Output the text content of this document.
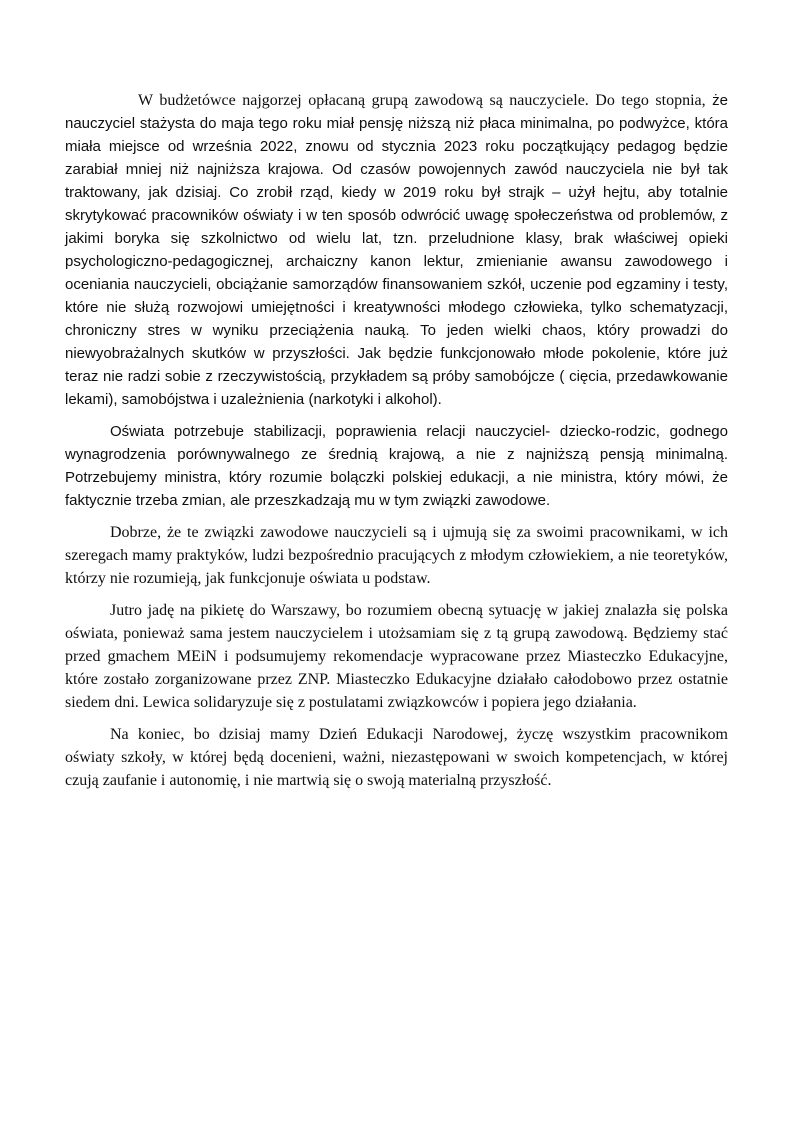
W budżetówce najgorzej opłacaną grupą zawodową są nauczyciele. Do tego stopnia, że nauczyciel stażysta do maja tego roku miał pensję niższą niż płaca minimalna, po podwyżce, która miała miejsce od września 2022, znowu od stycznia 2023 roku początkujący pedagog będzie zarabiał mniej niż najniższa krajowa. Od czasów powojennych zawód nauczyciela nie był tak traktowany, jak dzisiaj. Co zrobił rząd, kiedy w 2019 roku był strajk – użył hejtu, aby totalnie skrytykować pracowników oświaty i w ten sposób odwrócić uwagę społeczeństwa od problemów, z jakimi boryka się szkolnictwo od wielu lat, tzn. przeludnione klasy, brak właściwej opieki psychologiczno-pedagogicznej, archaiczny kanon lektur, zmienianie awansu zawodowego i oceniania nauczycieli, obciążanie samorządów finansowaniem szkół, uczenie pod egzaminy i testy, które nie służą rozwojowi umiejętności i kreatywności młodego człowieka, tylko schematyzacji, chroniczny stres w wyniku przeciążenia nauką. To jeden wielki chaos, który prowadzi do niewyobrażalnych skutków w przyszłości. Jak będzie funkcjonowało młode pokolenie, które już teraz nie radzi sobie z rzeczywistością, przykładem są próby samobójcze ( cięcia, przedawkowanie lekami), samobójstwa i uzależnienia (narkotyki i alkohol).

Oświata potrzebuje stabilizacji, poprawienia relacji nauczyciel- dziecko-rodzic, godnego wynagrodzenia porównywalnego ze średnią krajową, a nie z najniższą pensją minimalną. Potrzebujemy ministra, który rozumie bolączki polskiej edukacji, a nie ministra, który mówi, że faktycznie trzeba zmian, ale przeszkadzają mu w tym związki zawodowe.

Dobrze, że te związki zawodowe nauczycieli są i ujmują się za swoimi pracownikami, w ich szeregach mamy praktyków, ludzi bezpośrednio pracujących z młodym człowiekiem, a nie teoretyków, którzy nie rozumieją, jak funkcjonuje oświata u podstaw.

Jutro jadę na pikietę do Warszawy, bo rozumiem obecną sytuację w jakiej znalazła się polska oświata, ponieważ sama jestem nauczycielem i utożsamiam się z tą grupą zawodową. Będziemy stać przed gmachem MEiN i podsumujemy rekomendacje wypracowane przez Miasteczko Edukacyjne, które zostało zorganizowane przez ZNP. Miasteczko Edukacyjne działało całodobowo przez ostatnie siedem dni. Lewica solidaryzuje się z postulatami związkowców i popiera jego działania.

Na koniec, bo dzisiaj mamy Dzień Edukacji Narodowej, życzę wszystkim pracownikom oświaty szkoły, w której będą docenieni, ważni, niezastępowani w swoich kompetencjach, w której czują zaufanie i autonomię, i nie martwią się o swoją materialną przyszłość.
